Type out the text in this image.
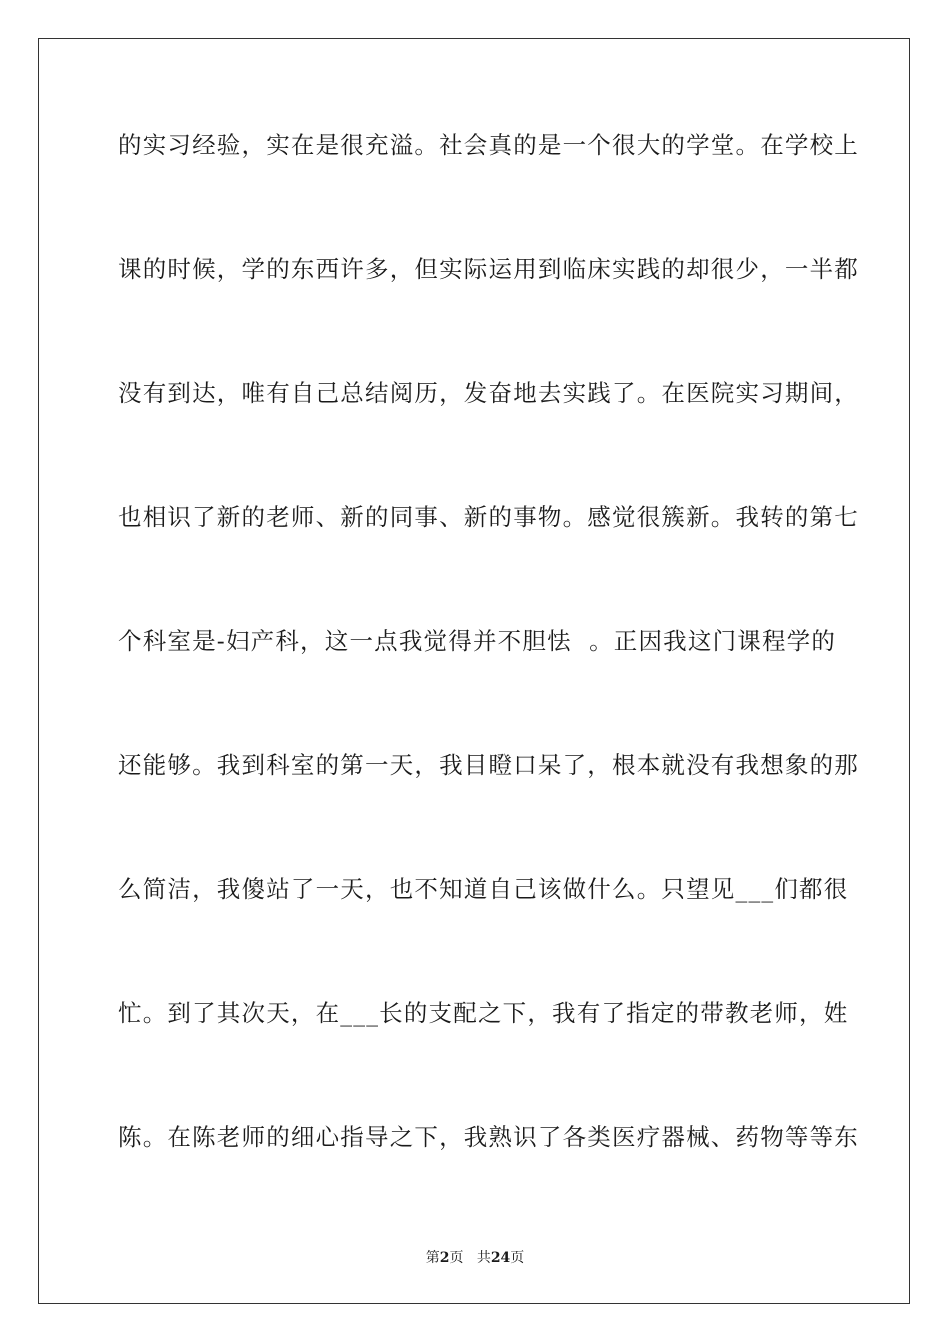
的实习经验，实在是很充溢。社会真的是一个很大的学堂。在学校上
课的时候，学的东西许多，但实际运用到临床实践的却很少，一半都
没有到达，唯有自己总结阅历，发奋地去实践了。在医院实习期间，
也相识了新的老师、新的同事、新的事物。感觉很簇新。我转的第七
个科室是-妇产科，这一点我觉得并不胆怯  。正因我这门课程学的
还能够。我到科室的第一天，我目瞪口呆了，根本就没有我想象的那
么简洁，我傻站了一天，也不知道自己该做什么。只望见___们都很
忙。到了其次天，在___长的支配之下，我有了指定的带教老师，姓
陈。在陈老师的细心指导之下，我熟识了各类医疗器械、药物等等东
第2页 共24页
